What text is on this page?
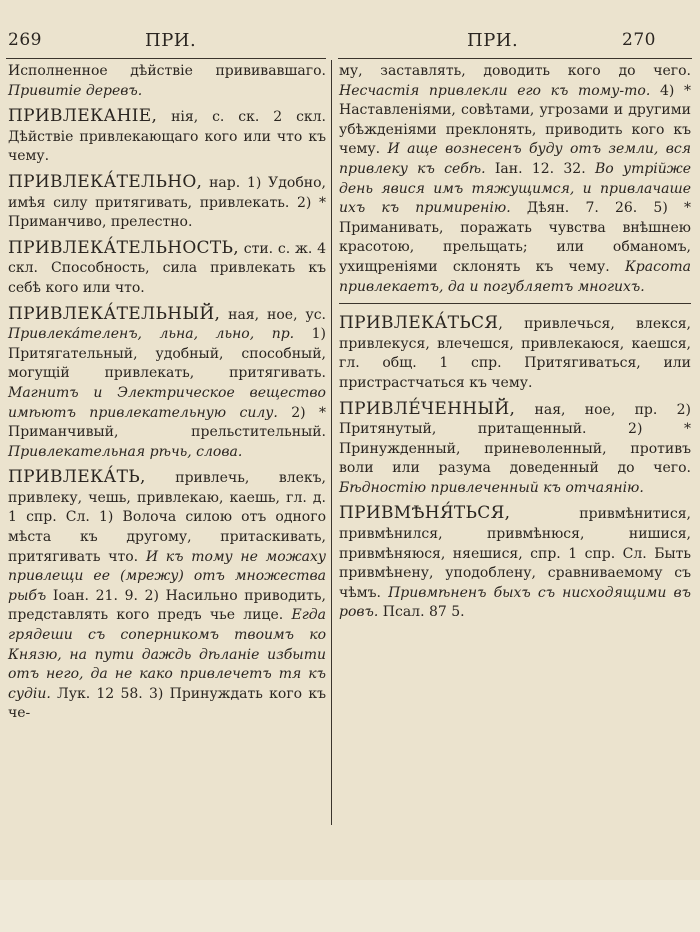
269	ПРИ.	ПРИ.	270

Исполненное дѣйствіе прививавшаго. Привитіе деревъ.

ПРИВЛЕКАНІЕ, нія, с. ск. 2 скл. Дѣйствіе привлекающаго кого или что къ чему.

ПРИВЛЕКА́ТЕЛЬНО, нар. 1) Удобно, имѣя силу притягивать, привлекать. 2) * Приманчиво, прелестно.

ПРИВЛЕКА́ТЕЛЬНОСТЬ, сти. с. ж. 4 скл. Способность, сила привлекать къ себѣ кого или что.

ПРИВЛЕКА́ТЕЛЬНЫЙ, ная, ное, ус. Привлека́теленъ, льна, льно, пр. 1) Притягательный, удобный, способный, могущій привлекать, притягивать. Магнитъ и Электрическое вещество имѣютъ привлекательную силу. 2) * Приманчивый, прельстительный. Привлекательная рѣчь, слова.

ПРИВЛЕКА́ТЬ, привлечь, влекъ, привлеку, чешь, привлекаю, каешь, гл. д. 1 спр. Сл. 1) Волоча силою отъ одного мѣста къ другому, притаскивать, притягивать что. И къ тому не можаху привлещи ее (мрежу) отъ множества рыбъ Іоан. 21. 9. 2) Насильно приводить, представлять кого предъ чье лице. Егда грядеши съ соперникомъ твоимъ ко Князю, на пути даждь дѣланіе избыти отъ него, да не како привлечетъ тя къ судіи. Лук. 12 58. 3) Принуждать кого къ че-

му, заставлять, доводить кого до чего. Несчастія привлекли его къ тому-то. 4) * Наставленіями, совѣтами, угрозами и другими убѣжденіями преклонять, приводить кого къ чему. И аще вознесенъ буду отъ земли, вся привлеку къ себѣ. Іан. 12. 32. Во утрійже день явися имъ тяжущимся, и привлачаше ихъ къ примиренію. Дѣян. 7. 26. 5) * Приманивать, поражать чувства внѣшнею красотою, прельщать; или обманомъ, ухищреніями склонять къ чему. Красота привлекаетъ, да и погубляетъ многихъ.

ПРИВЛЕКА́ТЬСЯ, привлечься, влекся, привлекуся, влечешся, привлекаюся, каешся, гл. общ. 1 спр. Притягиваться, или пристрастчаться къ чему.

ПРИВЛЕ́ЧЕННЫЙ, ная, ное, пр. 2) Притянутый, притащенный. 2) * Принужденный, приневоленный, противъ воли или разума доведенный до чего. Бѣдностію привлеченный къ отчаянію.

ПРИВМѢНЯ́ТЬСЯ, привмѣнитися, привмѣнился, привмѣнюся, нишися, привмѣняюся, няешися, спр. 1 спр. Сл. Быть привмѣнену, уподоблену, сравниваемому съ чѣмъ. Привмѣненъ быхъ съ нисходящими въ ровъ. Псал. 87 5.
